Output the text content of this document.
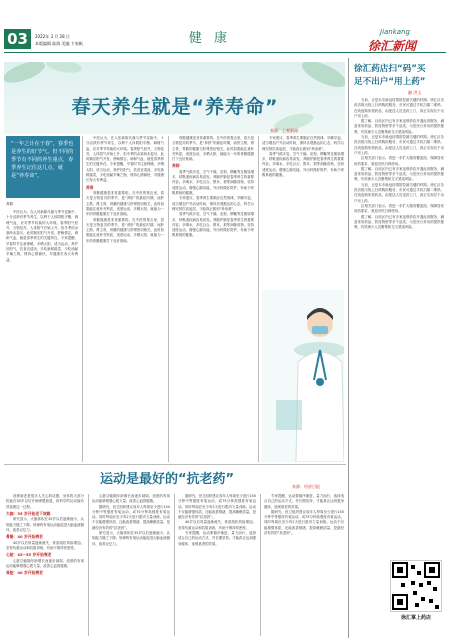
03	2022年 3 月 28 日
本版编辑 陆海 美编 卞家帆	健 康	Jiankang
徐汇新闻
春天养生就是“养寿命”
来源：上观新闻
“一年之计在于春”，春季也是养生的好节气。但不同的季节有不同的养生重点，春季养生记住这几点，就是“养寿命”。
养鹤

中医认为，在人体新陈代谢与季节变换中，十分活跃有季节养生，以利于人体阴阳平衡、调理气血，应对季节转换的大环境。春季阳气回升，万物复苏，人体阳气开始上升，但冬季的余寒尚未退尽，此时顺应阳气升发、舒畅情志、调和气血，就是春季养生的关键所在。专家提醒，早春时节注意保暖，多晒太阳，适当运动，养护好阳气，饮食宜清淡，多吃新鲜蔬菜，少吃油腻辛辣之物，保持心情愉快，对健康长寿大有裨益。

中医认为，在人体新陈代谢与季节变换中，十分活跃有季节养生，以利于人体阴阳平衡、调理气血，应对季节转换的大环境。春季阳气回升，万物复苏，人体阳气开始上升，但冬季的余寒尚未退尽，此时顺应阳气升发、舒畅情志、调和气血，就是春季养生的关键所在。专家提醒，早春时节注意保暖，多晒太阳，适当运动，养护好阳气，饮食宜清淡，多吃新鲜蔬菜，少吃油腻辛辣之物，保持心情愉快，对健康长寿大有裨益。

养骨

骨骼健康是非常重要的。在中医的观点里，春天是万物复苏的季节，是“养肝”的最佳时期，而肝主筋，肾主骨，骨骼的健康与肝肾密切相关。此时如果能注意补充钙质，适度运动，多晒太阳，就能为一年的骨骼健康打下良好基础。

骨骼健康是非常重要的。在中医的观点里，春天是万物复苏的季节，是“养肝”的最佳时期，而肝主筋，肾主骨，骨骼的健康与肝肾密切相关。此时如果能注意补充钙质，适度运动，多晒太阳，就能为一年的骨骼健康打下良好基础。

骨骼健康是非常重要的。在中医的观点里，春天是万物复苏的季节，是“养肝”的最佳时期，而肝主筋，肾主骨，骨骼的健康与肝肾密切相关。此时如果能注意补充钙质，适度运动，多晒太阳，就能为一年的骨骼健康打下良好基础。

养肺

春季气候多变，空气干燥，花粉、柳絮等过敏原增多，呼吸道疾病容易高发。养肺护肺是春季养生的重要内容。多喝水，多吃百合、银耳、梨等润肺食物，坚持适度运动，增强心肺功能，外出时做好防护，有助于呼吸系统的健康。

专家建议，春季养生要顺应自然规律，早睡早起，适当增加户外活动时间，保持乐观豁达的心态，科学合理安排饮食起居，才能真正做到“养寿命”。

春季气候多变，空气干燥，花粉、柳絮等过敏原增多，呼吸道疾病容易高发。养肺护肺是春季养生的重要内容。多喝水，多吃百合、银耳、梨等润肺食物，坚持适度运动，增强心肺功能，外出时做好防护，有助于呼吸系统的健康。

专家建议，春季养生要顺应自然规律，早睡早起，适当增加户外活动时间，保持乐观豁达的心态，科学合理安排饮食起居，才能真正做到“养寿命”。

春季气候多变，空气干燥，花粉、柳絮等过敏原增多，呼吸道疾病容易高发。养肺护肺是春季养生的重要内容。多喝水，多吃百合、银耳、梨等润肺食物，坚持适度运动，增强心肺功能，外出时做好防护，有助于呼吸系统的健康。

运动是最好的“抗老药”	来源：经济日报

延缓衰老是很多人关心的话题，身体的大部分机能在30岁以后开始缓慢衰退，但科学的运动能有效延缓这一过程。

大脑：35 岁开始走下坡路

研究显示，大脑体积在35岁以后逐渐缩小，认知能力随之下降。规律的有氧运动能促进大脑血液循环，改善记忆力。

骨骼：40 岁开始衰老

40岁以后骨量逐渐流失，骨质疏松风险增加。坚持负重运动和抗阻训练，有助于维持骨密度。

心脏：45~55 岁开始衰老

心脏功能随年龄增长而逐步减弱，适度的有氧运动能够增强心肌力量，改善心血管健康。

肾脏：40 岁开始衰老

心脏功能随年龄增长而逐步减弱，适度的有氧运动能够增强心肌力量，改善心血管健康。

据研究，世卫组织建议成年人每周至少进行150分钟中等强度有氧运动，或75分钟高强度有氧运动。同时每周应至少有2天进行肌肉力量训练。运动不仅能增强体质，还能改善情绪、提高睡眠质量，是最经济有效的“抗老药”。

研究显示，大脑体积在35岁以后逐渐缩小，认知能力随之下降。规律的有氧运动能促进大脑血液循环，改善记忆力。

据研究，世卫组织建议成年人每周至少进行150分钟中等强度有氧运动，或75分钟高强度有氧运动。同时每周应至少有2天进行肌肉力量训练。运动不仅能增强体质，还能改善情绪、提高睡眠质量，是最经济有效的“抗老药”。

40岁以后骨量逐渐流失，骨质疏松风险增加。坚持负重运动和抗阻训练，有助于维持骨密度。

专家提醒，运动要循序渐进，量力而行，选择适合自己的运动方式，并长期坚持，才能真正达到强身健体、延缓衰老的效果。

专家提醒，运动要循序渐进，量力而行，选择适合自己的运动方式，并长期坚持，才能真正达到强身健体、延缓衰老的效果。

据研究，世卫组织建议成年人每周至少进行150分钟中等强度有氧运动，或75分钟高强度有氧运动。同时每周应至少有2天进行肌肉力量训练。运动不仅能增强体质，还能改善情绪、提高睡眠质量，是最经济有效的“抗老药”。

徐汇药店扫“码”买
足不出户“用上药”
融 洪玉

当前，正是本市新冠疫情防控最关键的时期。徐汇区各药店推出线上扫码购药服务，市民可通过手机扫描二维码，在线选购所需药品，由配送人员送药上门，真正实现足不出户用上药。

据了解，目前区内已有多家连锁药店开通此项服务，涵盖常用药品、防疫物资等多个品类，为居民日常用药提供便利，有效减少人员聚集和交叉感染风险。

当前，正是本市新冠疫情防控最关键的时期。徐汇区各药店推出线上扫码购药服务，市民可通过手机扫描二维码，在线选购所需药品，由配送人员送药上门，真正实现足不出户用上药。

区相关部门表示，将进一步扩大服务覆盖面，保障居民用药需求，欢迎市民扫码使用。

据了解，目前区内已有多家连锁药店开通此项服务，涵盖常用药品、防疫物资等多个品类，为居民日常用药提供便利，有效减少人员聚集和交叉感染风险。

当前，正是本市新冠疫情防控最关键的时期。徐汇区各药店推出线上扫码购药服务，市民可通过手机扫描二维码，在线选购所需药品，由配送人员送药上门，真正实现足不出户用上药。

区相关部门表示，将进一步扩大服务覆盖面，保障居民用药需求，欢迎市民扫码使用。

据了解，目前区内已有多家连锁药店开通此项服务，涵盖常用药品、防疫物资等多个品类，为居民日常用药提供便利，有效减少人员聚集和交叉感染风险。

徐汇掌上药店
